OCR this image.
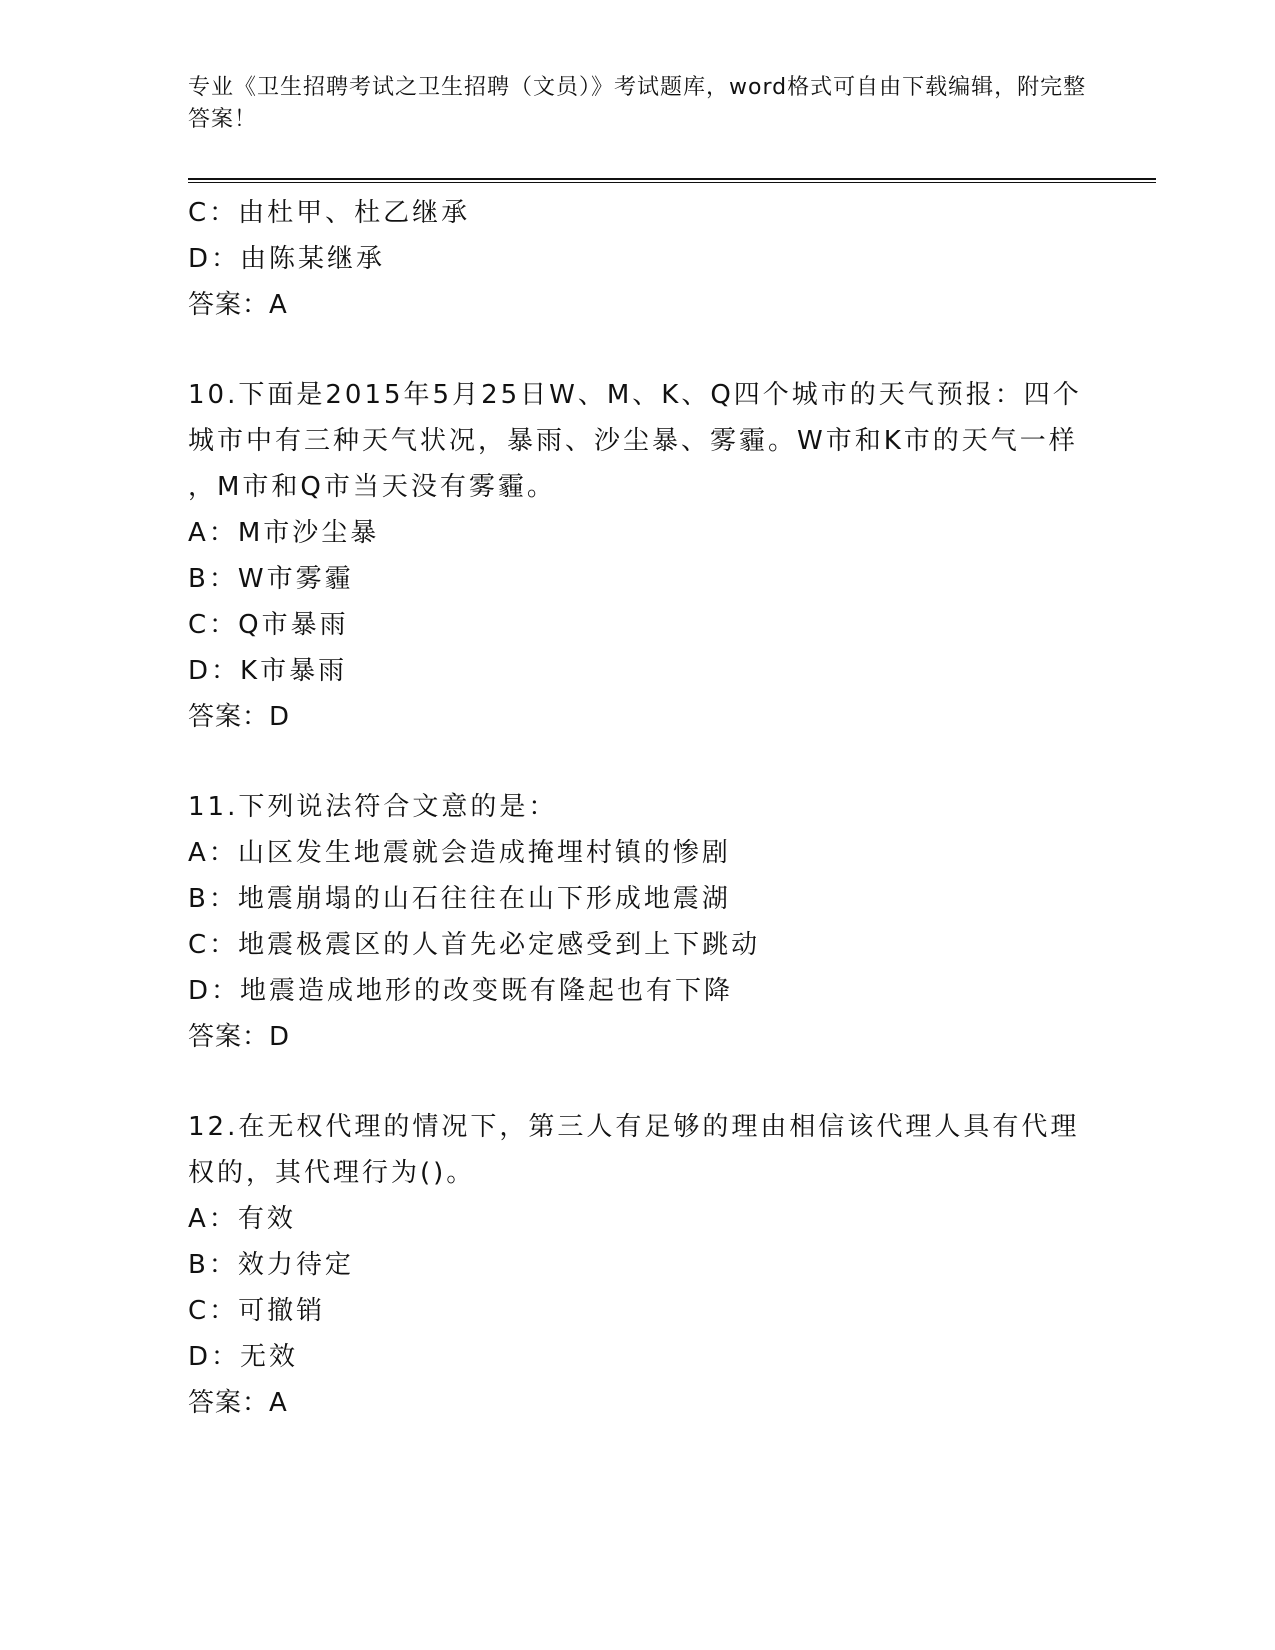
专业《卫生招聘考试之卫生招聘（文员）》考试题库，word格式可自由下载编辑，附完整答案！
C：由杜甲、杜乙继承
D：由陈某继承
答案：A
10.下面是2015年5月25日W、M、K、Q四个城市的天气预报：四个
城市中有三种天气状况，暴雨、沙尘暴、雾霾。W市和K市的天气一样
，M市和Q市当天没有雾霾。
A：M市沙尘暴
B：W市雾霾
C：Q市暴雨
D：K市暴雨
答案：D
11.下列说法符合文意的是：
A：山区发生地震就会造成掩埋村镇的惨剧
B：地震崩塌的山石往往在山下形成地震湖
C：地震极震区的人首先必定感受到上下跳动
D：地震造成地形的改变既有隆起也有下降
答案：D
12.在无权代理的情况下，第三人有足够的理由相信该代理人具有代理
权的，其代理行为()。
A：有效
B：效力待定
C：可撤销
D：无效
答案：A
